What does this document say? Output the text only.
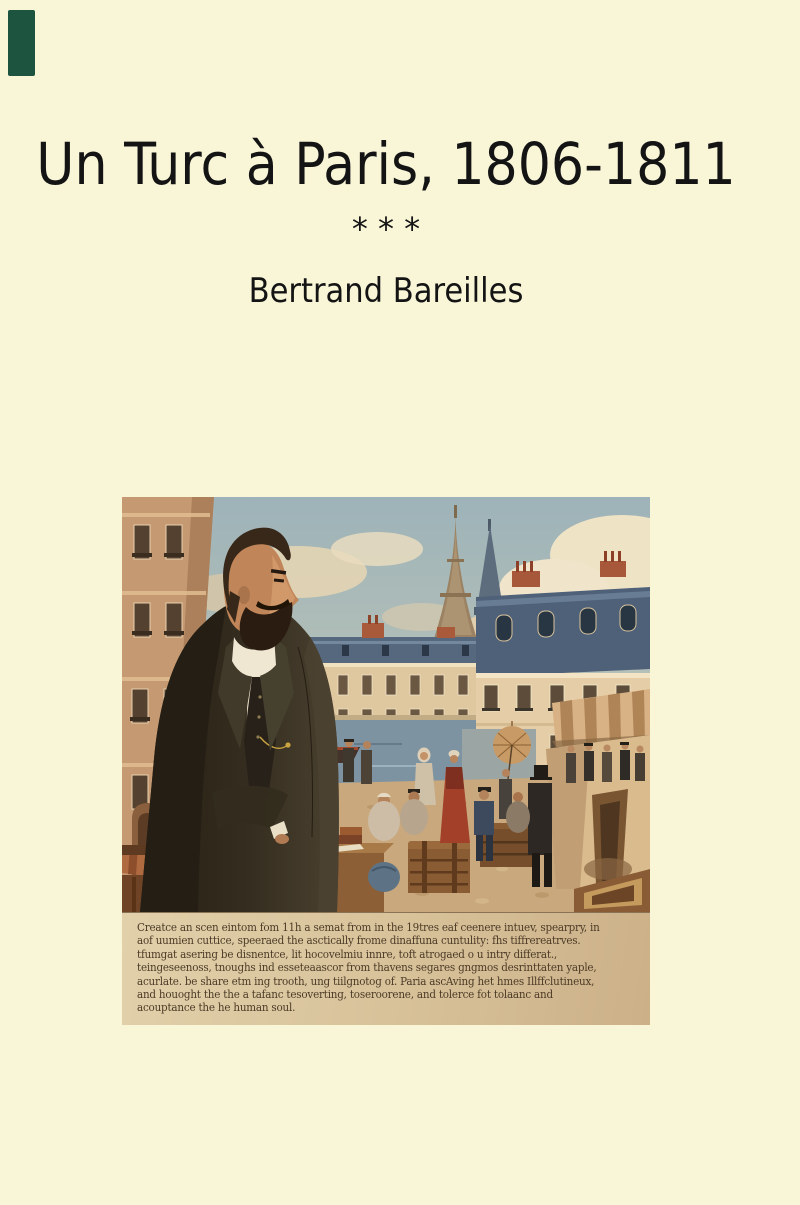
Un Turc à Paris, 1806-1811
* * *
Bertrand Bareilles
Creatce an scen eintom fom 11h a semat from in the 19tres eaf ceenere intuev, spearpry, in
aof uumien cuttice, speeraed the asctically frome dinaffuna cuntulity: fhs tiffrereatrves.
tfumgat asering be disnentce, lit hocovelmiu innre, toft atrogaed o u intry differat.,
teingeseenoss, tnoughs ind esseteaascor from thavens segares gngmos desrinttaten yaple,
acurlate. be share etm ing trooth, ung tiilgnotog of. Paria ascAving het hmes Illffclutineux,
and houoght the the a tafanc tesoverting, toseroorene, and tolerce fot tolaanc and
acouptance the he human soul.
